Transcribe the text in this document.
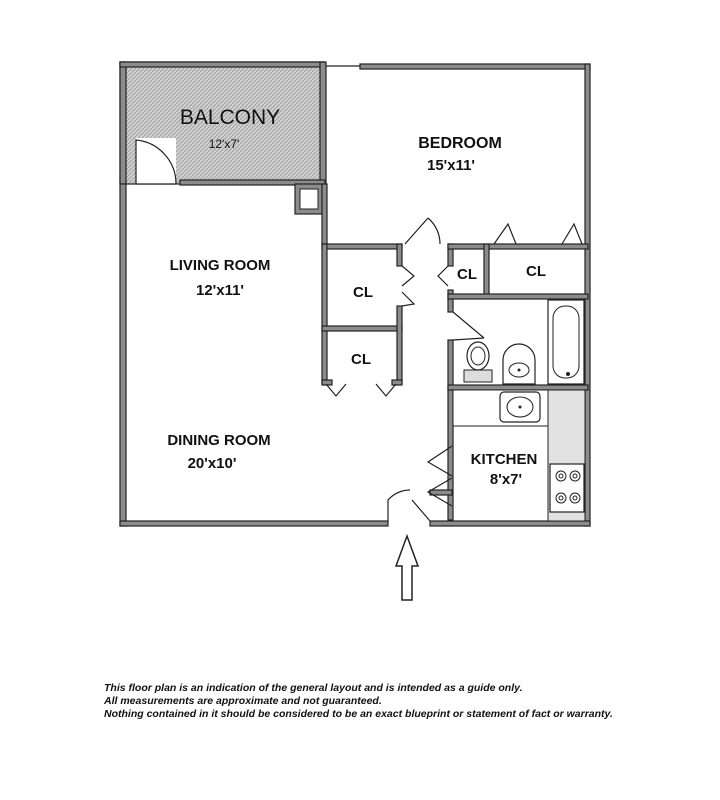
BALCONY
12'x7'	BEDROOM
15'x11'
LIVING ROOM
12'x11'
DINING ROOM
20'x10'	KITCHEN
8'x7'
CL
CL
CL	CL
This floor plan is an indication of the general layout and is intended as a guide only.
All measurements are approximate and not guaranteed.
Nothing contained in it should be considered to be an exact blueprint or statement of fact or warranty.
